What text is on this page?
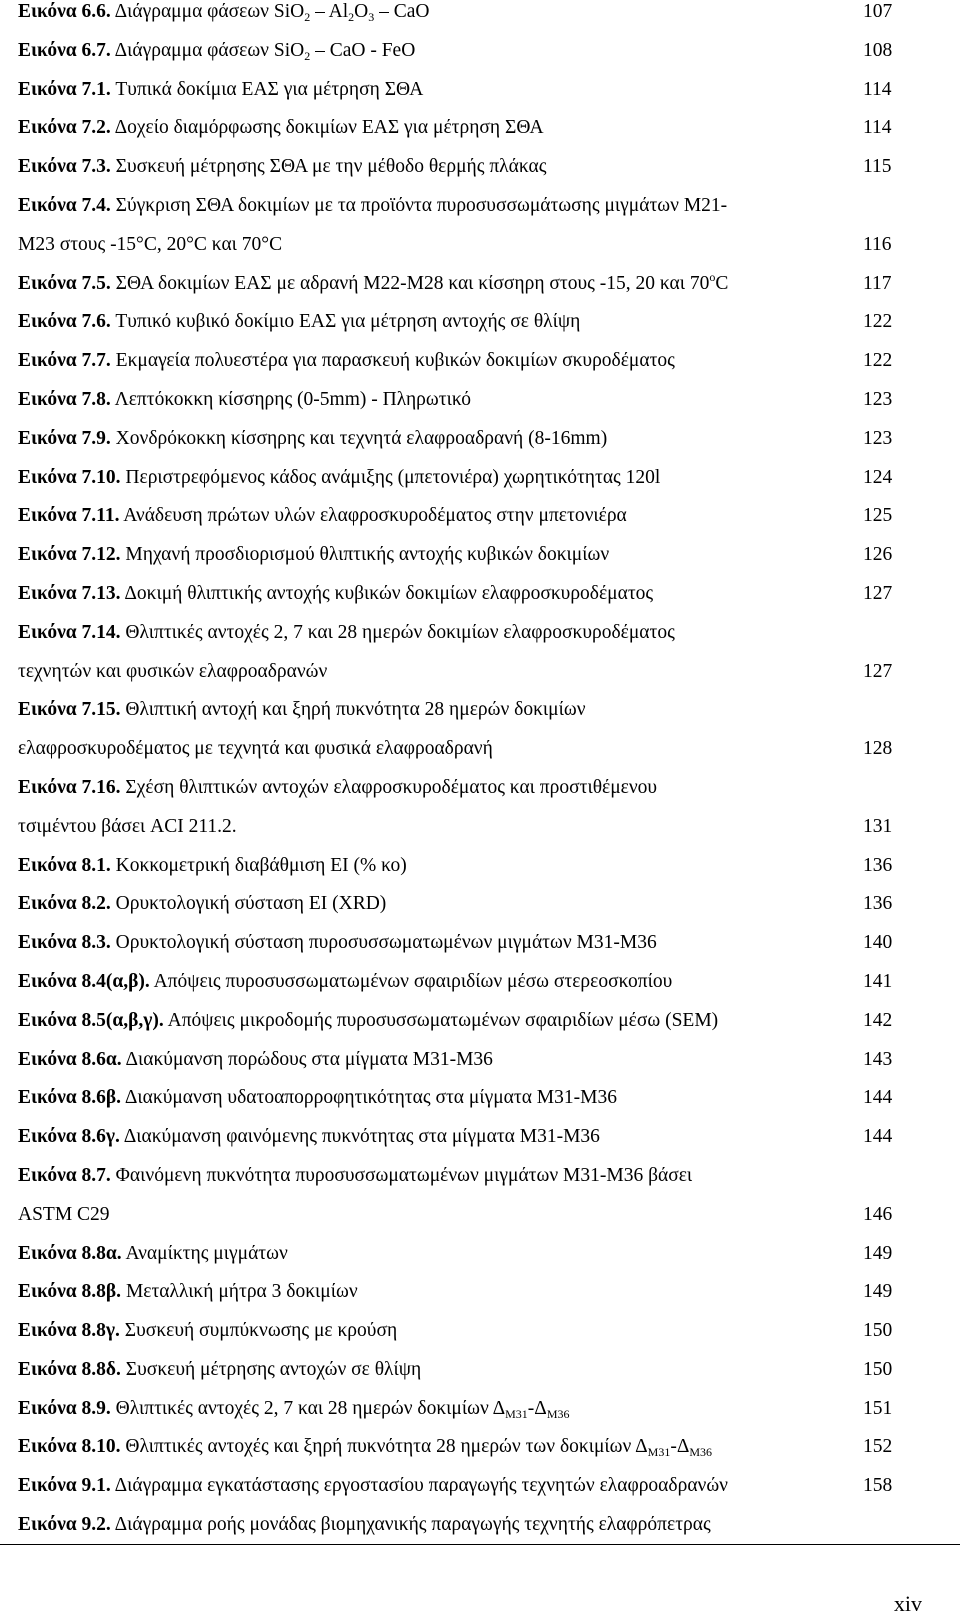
Εικόνα 6.6. Διάγραμμα φάσεων $SiO_2 - Al_2O_3$ – CaO	107
Εικόνα 6.7. Διάγραμμα φάσεων SiO$_2$ – CaO - FeO	108
Εικόνα 7.1. Τυπικά δοκίμια ΕΑΣ για μέτρηση ΣΘΑ	114
Εικόνα 7.2. Δοχείο διαμόρφωσης δοκιμίων ΕΑΣ για μέτρηση ΣΘΑ	114
Εικόνα 7.3. Συσκευή μέτρησης ΣΘΑ με την μέθοδο θερμής πλάκας	115
Εικόνα 7.4. Σύγκριση ΣΘΑ δοκιμίων με τα προϊόντα πυροσυσσωμάτωσης μιγμάτων Μ21-
Μ23 στους -15°C, 20°C και 70°C	116
Εικόνα 7.5. ΣΘΑ δοκιμίων ΕΑΣ με αδρανή Μ22-Μ28 και κίσσηρη στους -15, 20 και 70$^o$C	117
Εικόνα 7.6. Τυπικό κυβικό δοκίμιο ΕΑΣ για μέτρηση αντοχής σε θλίψη	122
Εικόνα 7.7. Εκμαγεία πολυεστέρα για παρασκευή κυβικών δοκιμίων σκυροδέματος	122
Εικόνα 7.8. Λεπτόκοκκη κίσσηρης (0-5mm) - Πληρωτικό	123
Εικόνα 7.9. Χονδρόκοκκη κίσσηρης και τεχνητά ελαφροαδρανή (8-16mm)	123
Εικόνα 7.10. Περιστρεφόμενος κάδος ανάμιξης (μπετονιέρα) χωρητικότητας 120l	124
Εικόνα 7.11. Ανάδευση πρώτων υλών ελαφροσκυροδέματος στην μπετονιέρα	125
Εικόνα 7.12. Μηχανή προσδιορισμού θλιπτικής αντοχής κυβικών δοκιμίων	126
Εικόνα 7.13. Δοκιμή θλιπτικής αντοχής κυβικών δοκιμίων ελαφροσκυροδέματος	127
Εικόνα 7.14. Θλιπτικές αντοχές 2, 7 και 28 ημερών δοκιμίων ελαφροσκυροδέματος
τεχνητών και φυσικών ελαφροαδρανών	127
Εικόνα 7.15. Θλιπτική αντοχή και ξηρή πυκνότητα 28 ημερών δοκιμίων
ελαφροσκυροδέματος με τεχνητά και φυσικά ελαφροαδρανή	128
Εικόνα 7.16. Σχέση θλιπτικών αντοχών ελαφροσκυροδέματος και προστιθέμενου
τσιμέντου βάσει ACI 211.2.	131
Εικόνα 8.1. Κοκκομετρική διαβάθμιση ΕΙ (% κο)	136
Εικόνα 8.2. Ορυκτολογική σύσταση ΕΙ (XRD)	136
Εικόνα 8.3. Ορυκτολογική σύσταση πυροσυσσωματωμένων μιγμάτων Μ31-Μ36	140
Εικόνα 8.4(α,β). Απόψεις πυροσυσσωματωμένων σφαιριδίων μέσω στερεοσκοπίου	141
Εικόνα 8.5(α,β,γ). Απόψεις μικροδομής πυροσυσσωματωμένων σφαιριδίων μέσω (SEM)	142
Εικόνα 8.6α. Διακύμανση πορώδους στα μίγματα Μ31-Μ36	143
Εικόνα 8.6β. Διακύμανση υδατοαπορροφητικότητας στα μίγματα Μ31-Μ36	144
Εικόνα 8.6γ. Διακύμανση φαινόμενης πυκνότητας στα μίγματα Μ31-Μ36	144
Εικόνα 8.7. Φαινόμενη πυκνότητα πυροσυσσωματωμένων μιγμάτων Μ31-Μ36 βάσει
ASTM C29	146
Εικόνα 8.8α. Αναμίκτης μιγμάτων	149
Εικόνα 8.8β. Μεταλλική μήτρα 3 δοκιμίων	149
Εικόνα 8.8γ. Συσκευή συμπύκνωσης με κρούση	150
Εικόνα 8.8δ. Συσκευή μέτρησης αντοχών σε θλίψη	150
Εικόνα 8.9. Θλιπτικές αντοχές 2, 7 και 28 ημερών δοκιμίων $\Delta_{M31}-\Delta_{M36}$	151
Εικόνα 8.10. Θλιπτικές αντοχές και ξηρή πυκνότητα 28 ημερών των δοκιμίων $\Delta_{M31}-\Delta_{M36}$	152
Εικόνα 9.1. Διάγραμμα εγκατάστασης εργοστασίου παραγωγής τεχνητών ελαφροαδρανών	158
Εικόνα 9.2. Διάγραμμα ροής μονάδας βιομηχανικής παραγωγής τεχνητής ελαφρόπετρας
xiv
